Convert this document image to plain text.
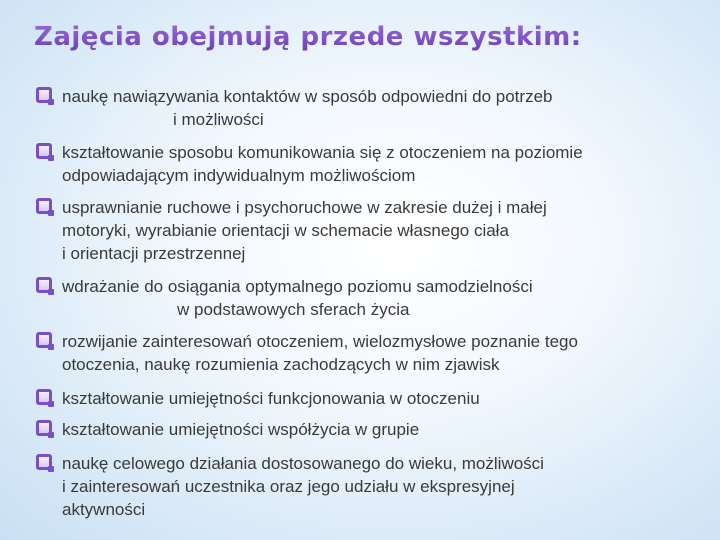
Zajęcia obejmują przede wszystkim:
naukę nawiązywania kontaktów w sposób odpowiedni do potrzeb
i możliwości
kształtowanie sposobu komunikowania się z otoczeniem na poziomie
odpowiadającym indywidualnym możliwościom
usprawnianie ruchowe i psychoruchowe w zakresie dużej i małej
motoryki, wyrabianie orientacji w schemacie własnego ciała
i orientacji przestrzennej
wdrażanie do osiągania optymalnego poziomu samodzielności
w podstawowych sferach życia
rozwijanie zainteresowań otoczeniem, wielozmysłowe poznanie tego
otoczenia, naukę rozumienia zachodzących w nim zjawisk
kształtowanie umiejętności funkcjonowania w otoczeniu
kształtowanie umiejętności współżycia w grupie
naukę celowego działania dostosowanego do wieku, możliwości
i zainteresowań uczestnika oraz jego udziału w ekspresyjnej
aktywności
